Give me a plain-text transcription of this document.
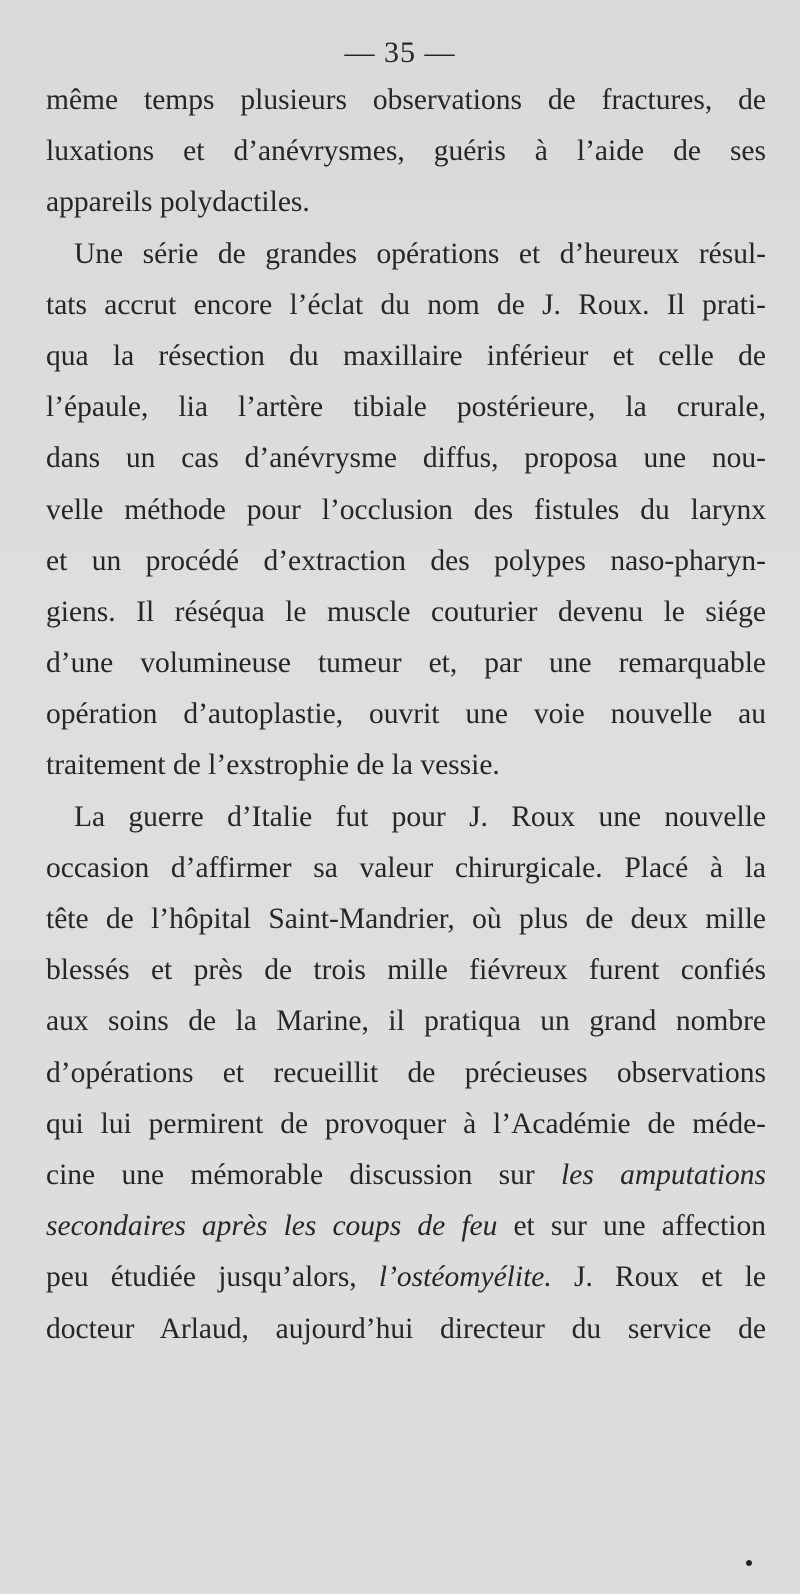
— 35 —
même temps plusieurs observations de fractures, de
luxations et d’anévrysmes, guéris à l’aide de ses
appareils polydactiles.
Une série de grandes opérations et d’heureux résul-
tats accrut encore l’éclat du nom de J. Roux. Il prati-
qua la résection du maxillaire inférieur et celle de
l’épaule, lia l’artère tibiale postérieure, la crurale,
dans un cas d’anévrysme diffus, proposa une nou-
velle méthode pour l’occlusion des fistules du larynx
et un procédé d’extraction des polypes naso-pharyn-
giens. Il réséqua le muscle couturier devenu le siége
d’une volumineuse tumeur et, par une remarquable
opération d’autoplastie, ouvrit une voie nouvelle au
traitement de l’exstrophie de la vessie.
La guerre d’Italie fut pour J. Roux une nouvelle
occasion d’affirmer sa valeur chirurgicale. Placé à la
tête de l’hôpital Saint-Mandrier, où plus de deux mille
blessés et près de trois mille fiévreux furent confiés
aux soins de la Marine, il pratiqua un grand nombre
d’opérations et recueillit de précieuses observations
qui lui permirent de provoquer à l’Académie de méde-
cine une mémorable discussion sur les amputations
secondaires après les coups de feu et sur une affection
peu étudiée jusqu’alors, l’ostéomyélite. J. Roux et le
docteur Arlaud, aujourd’hui directeur du service de
